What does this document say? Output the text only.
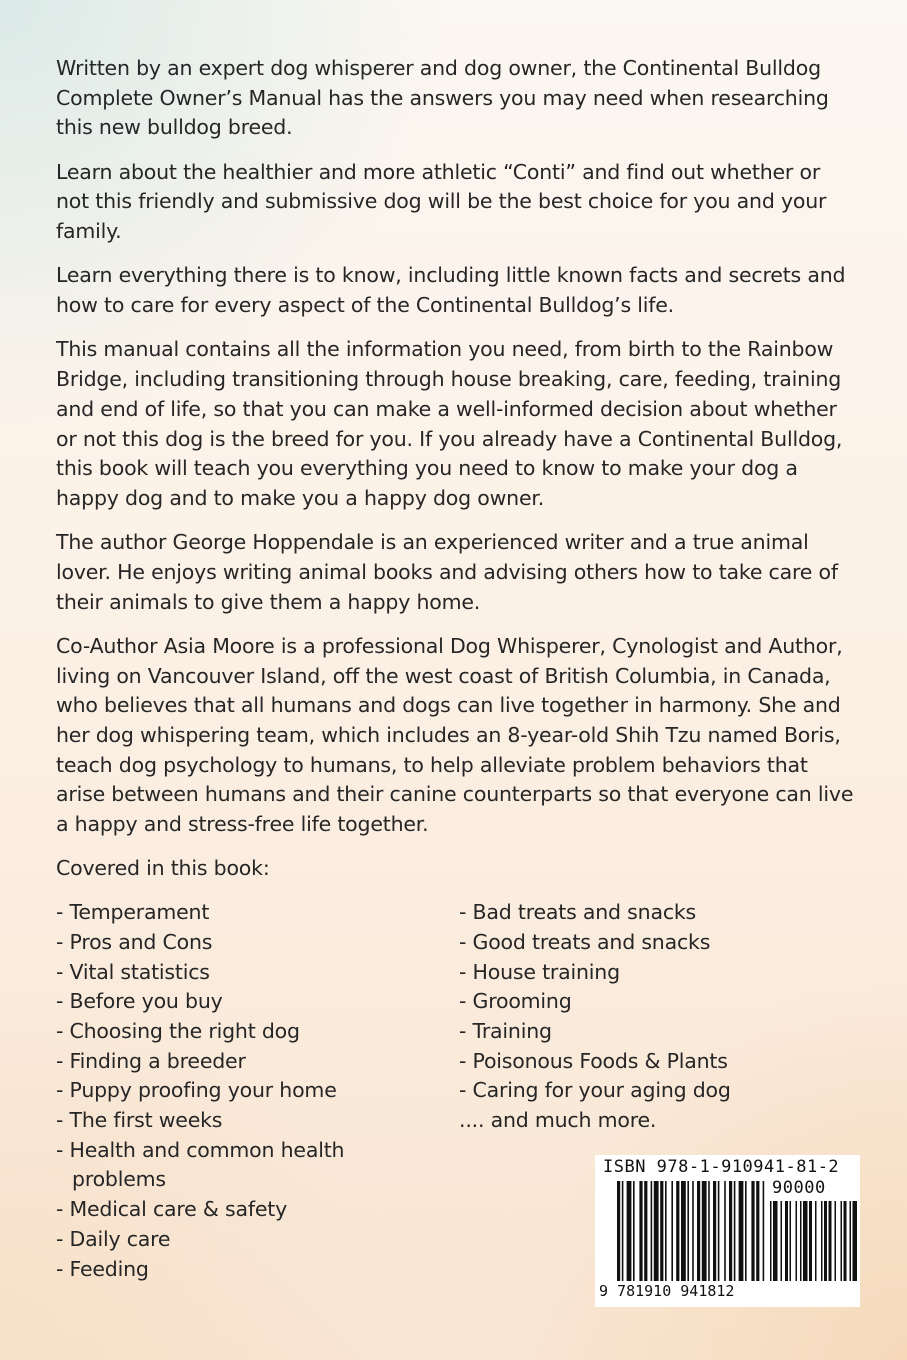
Written by an expert dog whisperer and dog owner, the Continental Bulldog Complete Owner’s Manual has the answers you may need when researching this new bulldog breed.

Learn about the healthier and more athletic “Conti” and find out whether or not this friendly and submissive dog will be the best choice for you and your family.

Learn everything there is to know, including little known facts and secrets and how to care for every aspect of the Continental Bulldog’s life.

This manual contains all the information you need, from birth to the Rainbow Bridge, including transitioning through house breaking, care, feeding, training and end of life, so that you can make a well-informed decision about whether or not this dog is the breed for you. If you already have a Continental Bulldog, this book will teach you everything you need to know to make your dog a happy dog and to make you a happy dog owner.

The author George Hoppendale is an experienced writer and a true animal lover. He enjoys writing animal books and advising others how to take care of their animals to give them a happy home.

Co-Author Asia Moore is a professional Dog Whisperer, Cynologist and Author, living on Vancouver Island, off the west coast of British Columbia, in Canada, who believes that all humans and dogs can live together in harmony. She and her dog whispering team, which includes an 8-year-old Shih Tzu named Boris, teach dog psychology to humans, to help alleviate problem behaviors that arise between humans and their canine counterparts so that everyone can live a happy and stress-free life together.

Covered in this book:

- Temperament
- Pros and Cons
- Vital statistics
- Before you buy
- Choosing the right dog
- Finding a breeder
- Puppy proofing your home
- The first weeks
- Health and common health problems
- Medical care & safety
- Daily care
- Feeding
- Bad treats and snacks
- Good treats and snacks
- House training
- Grooming
- Training
- Poisonous Foods & Plants
- Caring for your aging dog
.... and much more.
ISBN 978-1-910941-81-2
90000
9 781910 941812
